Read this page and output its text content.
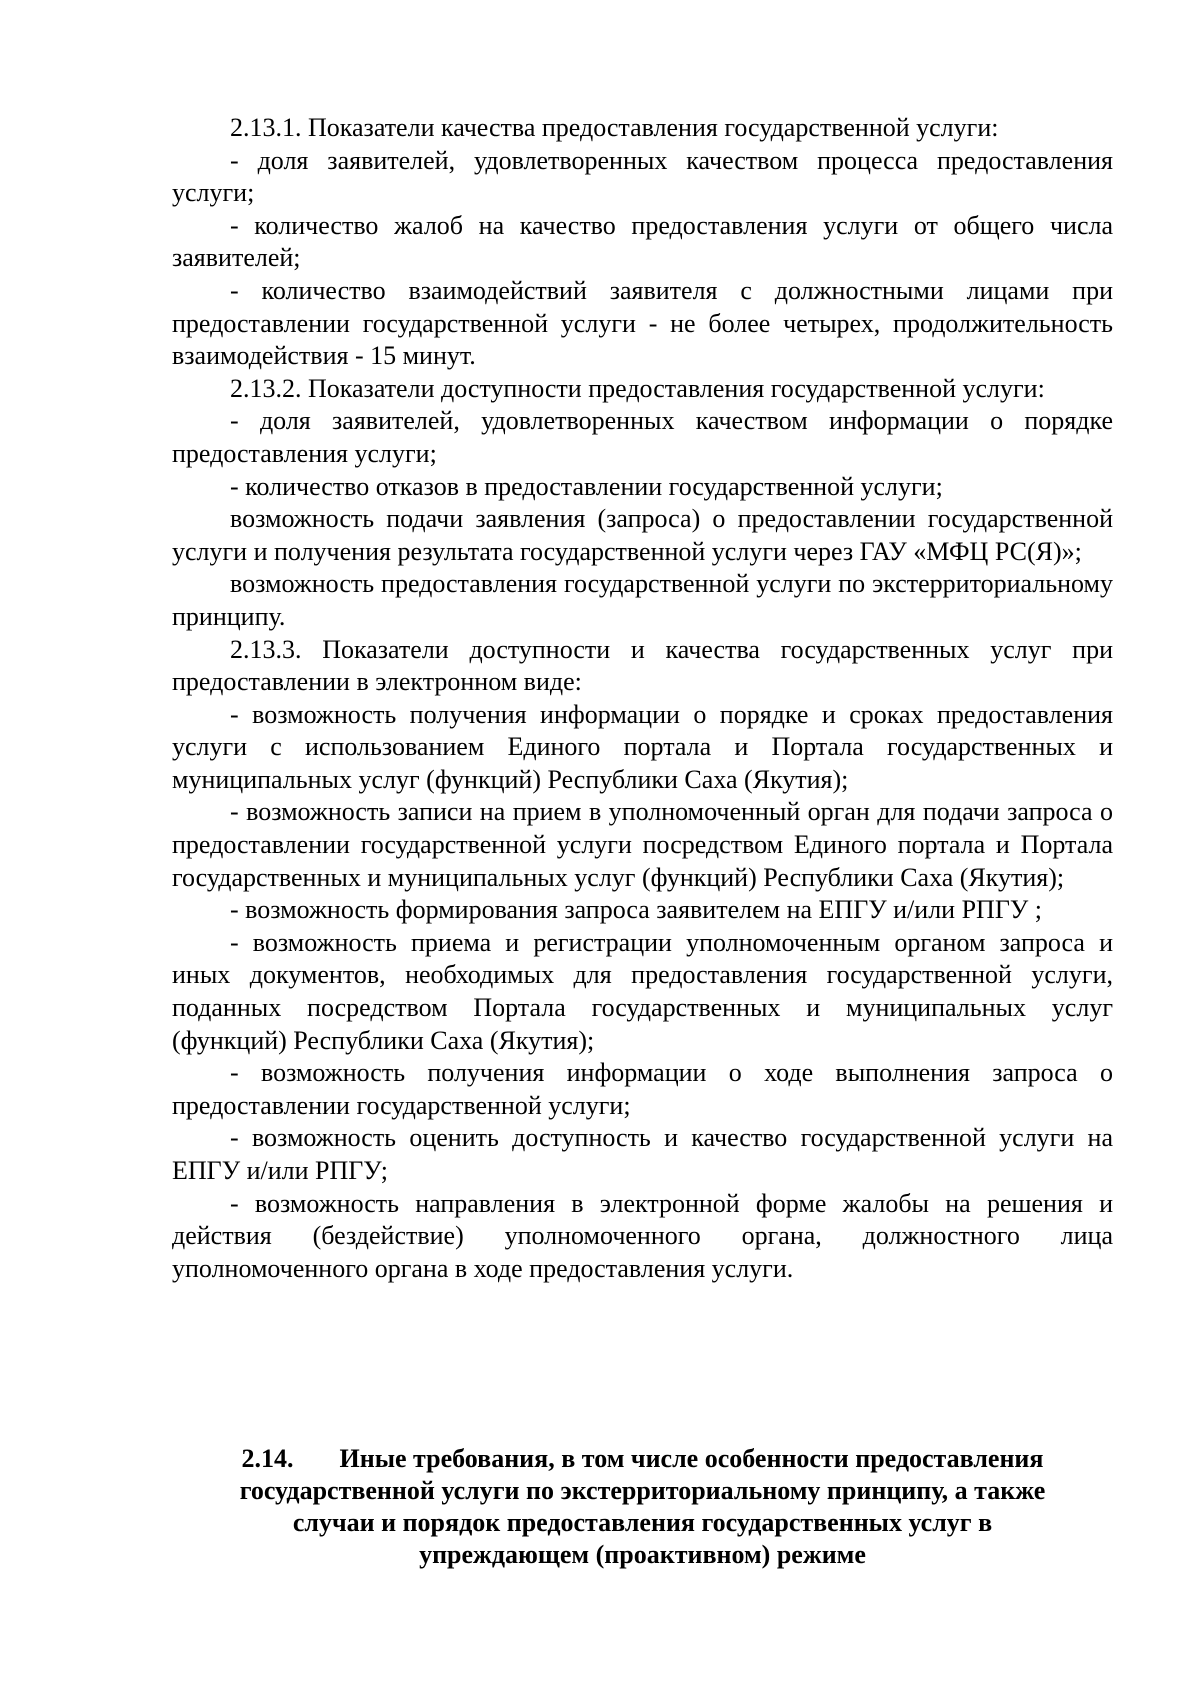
2.13.1. Показатели качества предоставления государственной услуги:

- доля заявителей, удовлетворенных качеством процесса предоставления услуги;

- количество жалоб на качество предоставления услуги от общего числа заявителей;

- количество взаимодействий заявителя с должностными лицами при предоставлении государственной услуги - не более четырех, продолжительность взаимодействия - 15 минут.

2.13.2. Показатели доступности предоставления государственной услуги:

- доля заявителей, удовлетворенных качеством информации о порядке предоставления услуги;

- количество отказов в предоставлении государственной услуги;

возможность подачи заявления (запроса) о предоставлении государственной услуги и получения результата государственной услуги через ГАУ «МФЦ РС(Я)»;

возможность предоставления государственной услуги по экстерриториальному принципу.

2.13.3. Показатели доступности и качества государственных услуг при предоставлении в электронном виде:

- возможность получения информации о порядке и сроках предоставления услуги с использованием Единого портала и Портала государственных и муниципальных услуг (функций) Республики Саха (Якутия);

- возможность записи на прием в уполномоченный орган для подачи запроса о предоставлении государственной услуги посредством Единого портала и Портала государственных и муниципальных услуг (функций) Республики Саха (Якутия);

- возможность формирования запроса заявителем на ЕПГУ и/или РПГУ ;

- возможность приема и регистрации уполномоченным органом запроса и иных документов, необходимых для предоставления государственной услуги, поданных посредством Портала государственных и муниципальных услуг (функций) Республики Саха (Якутия);

- возможность получения информации о ходе выполнения запроса о предоставлении государственной услуги;

- возможность оценить доступность и качество государственной услуги на ЕПГУ и/или РПГУ;

- возможность направления в электронной форме жалобы на решения и действия (бездействие) уполномоченного органа, должностного лица уполномоченного органа в ходе предоставления услуги.

2.14. Иные требования, в том числе особенности предоставления
государственной услуги по экстерриториальному принципу, а также
случаи и порядок предоставления государственных услуг в
упреждающем (проактивном) режиме
